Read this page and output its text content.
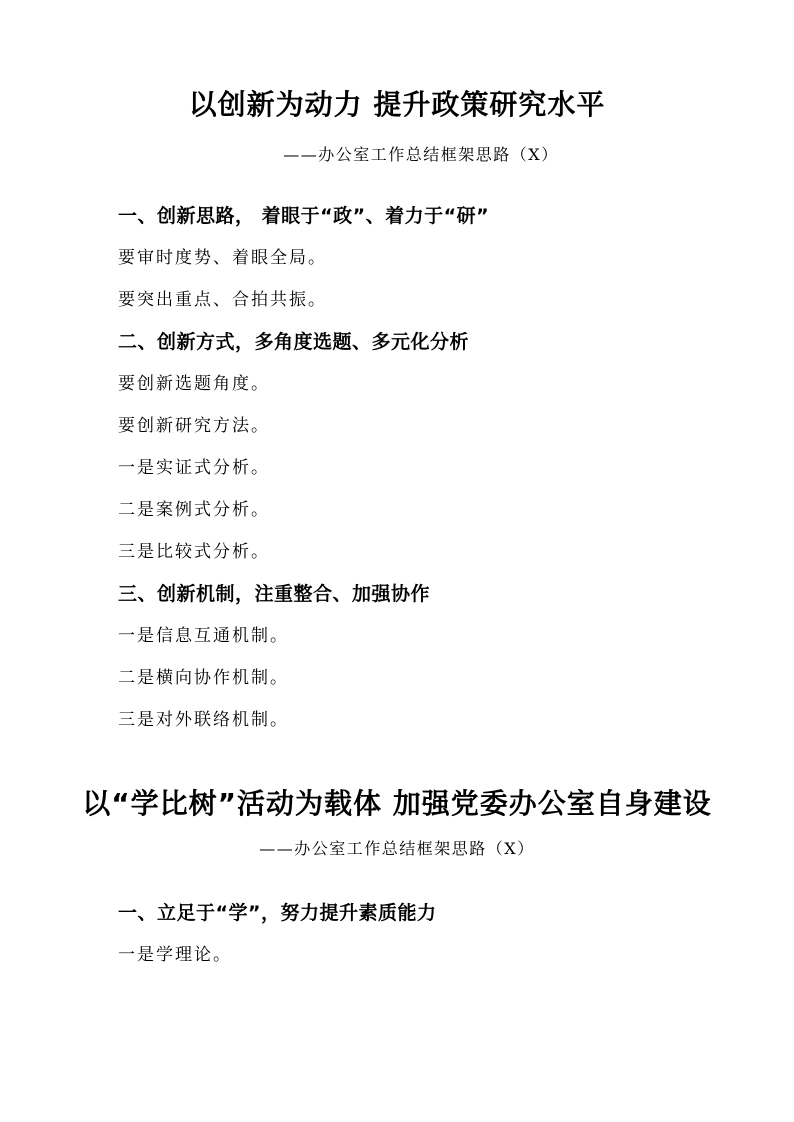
以创新为动力 提升政策研究水平

——办公室工作总结框架思路（X）

一、创新思路， 着眼于“政”、着力于“研”

要审时度势、着眼全局。

要突出重点、合拍共振。

二、创新方式，多角度选题、多元化分析

要创新选题角度。

要创新研究方法。

一是实证式分析。

二是案例式分析。

三是比较式分析。

三、创新机制，注重整合、加强协作

一是信息互通机制。

二是横向协作机制。

三是对外联络机制。

以“学比树”活动为载体 加强党委办公室自身建设

——办公室工作总结框架思路（X）

一、立足于“学”，努力提升素质能力

一是学理论。
